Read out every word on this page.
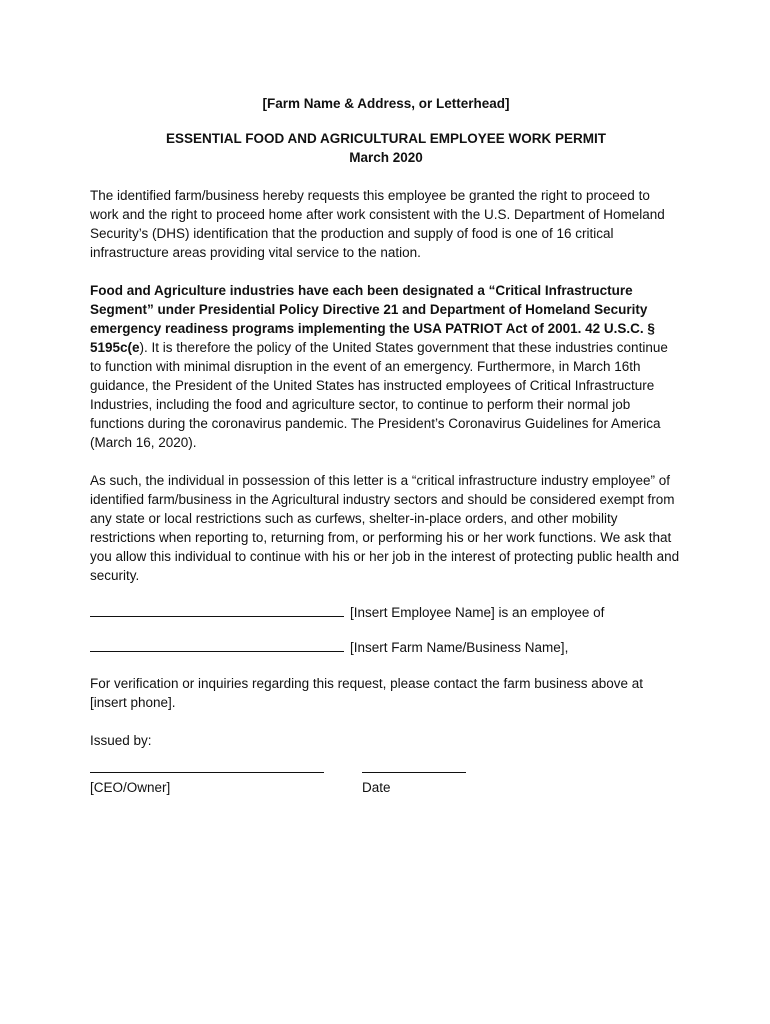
[Farm Name & Address, or Letterhead]

ESSENTIAL FOOD AND AGRICULTURAL EMPLOYEE WORK PERMIT

March 2020

The identified farm/business hereby requests this employee be granted the right to proceed to work and the right to proceed home after work consistent with the U.S. Department of Homeland Security’s (DHS) identification that the production and supply of food is one of 16 critical infrastructure areas providing vital service to the nation.

Food and Agriculture industries have each been designated a “Critical Infrastructure Segment” under Presidential Policy Directive 21 and Department of Homeland Security emergency readiness programs implementing the USA PATRIOT Act of 2001. 42 U.S.C. § 5195c(e). It is therefore the policy of the United States government that these industries continue to function with minimal disruption in the event of an emergency. Furthermore, in March 16th guidance, the President of the United States has instructed employees of Critical Infrastructure Industries, including the food and agriculture sector, to continue to perform their normal job functions during the coronavirus pandemic. The President’s Coronavirus Guidelines for America (March 16, 2020).

As such, the individual in possession of this letter is a “critical infrastructure industry employee” of identified farm/business in the Agricultural industry sectors and should be considered exempt from any state or local restrictions such as curfews, shelter-in-place orders, and other mobility restrictions when reporting to, returning from, or performing his or her work functions. We ask that you allow this individual to continue with his or her job in the interest of protecting public health and security.

[Insert Employee Name] is an employee of
[Insert Farm Name/Business Name],

For verification or inquiries regarding this request, please contact the farm business above at [insert phone].

Issued by:

[CEO/Owner]	Date
